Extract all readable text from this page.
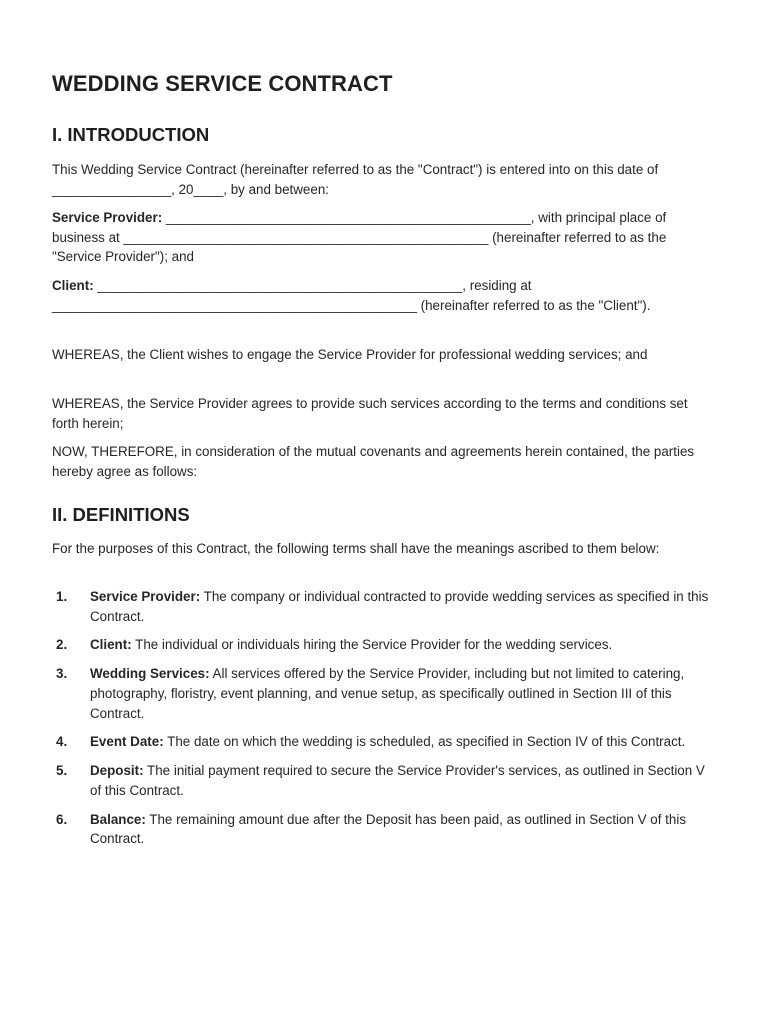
WEDDING SERVICE CONTRACT
I. INTRODUCTION

This Wedding Service Contract (hereinafter referred to as the "Contract") is entered into on this date of ________________, 20____, by and between:

Service Provider: _________________________________________________, with principal place of business at _________________________________________________ (hereinafter referred to as the "Service Provider"); and

Client: _________________________________________________, residing at _________________________________________________ (hereinafter referred to as the "Client").

WHEREAS, the Client wishes to engage the Service Provider for professional wedding services; and

WHEREAS, the Service Provider agrees to provide such services according to the terms and conditions set forth herein;

NOW, THEREFORE, in consideration of the mutual covenants and agreements herein contained, the parties hereby agree as follows:

II. DEFINITIONS

For the purposes of this Contract, the following terms shall have the meanings ascribed to them below:

1.	Service Provider: The company or individual contracted to provide wedding services as specified in this Contract.
2.	Client: The individual or individuals hiring the Service Provider for the wedding services.
3.	Wedding Services: All services offered by the Service Provider, including but not limited to catering, photography, floristry, event planning, and venue setup, as specifically outlined in Section III of this Contract.
4.	Event Date: The date on which the wedding is scheduled, as specified in Section IV of this Contract.
5.	Deposit: The initial payment required to secure the Service Provider's services, as outlined in Section V of this Contract.
6.	Balance: The remaining amount due after the Deposit has been paid, as outlined in Section V of this Contract.
